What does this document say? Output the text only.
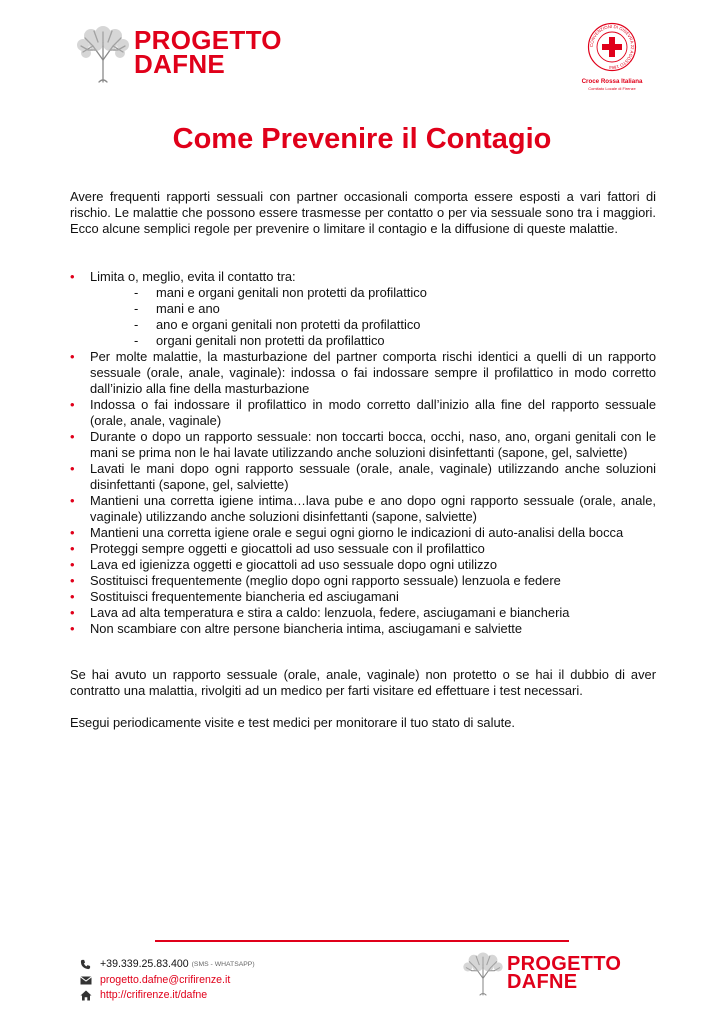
PROGETTO
DAFNE
CONVENZIONI DI GINEVRA 22 AGOSTO 1864
Croce Rossa Italiana
Comitato Locale di Firenze
Come Prevenire il Contagio

Avere frequenti rapporti sessuali con partner occasionali comporta essere esposti a vari fattori di rischio. Le malattie che possono essere trasmesse per contatto o per via sessuale sono tra i maggiori. Ecco alcune semplici regole per prevenire o limitare il contagio e la diffusione di queste malattie.

• Limita o, meglio, evita il contatto tra:
- mani e organi genitali non protetti da profilattico
- mani e ano
- ano e organi genitali non protetti da profilattico
- organi genitali non protetti da profilattico
• Per molte malattie, la masturbazione del partner comporta rischi identici a quelli di un rapporto sessuale (orale, anale, vaginale): indossa o fai indossare sempre il profilattico in modo corretto dall’inizio alla fine della masturbazione
• Indossa o fai indossare il profilattico in modo corretto dall’inizio alla fine del rapporto sessuale (orale, anale, vaginale)
• Durante o dopo un rapporto sessuale: non toccarti bocca, occhi, naso, ano, organi genitali con le mani se prima non le hai lavate utilizzando anche soluzioni disinfettanti (sapone, gel, salviette)
• Lavati le mani dopo ogni rapporto sessuale (orale, anale, vaginale) utilizzando anche soluzioni disinfettanti (sapone, gel, salviette)
• Mantieni una corretta igiene intima…lava pube e ano dopo ogni rapporto sessuale (orale, anale, vaginale) utilizzando anche soluzioni disinfettanti (sapone, salviette)
• Mantieni una corretta igiene orale e segui ogni giorno le indicazioni di auto-analisi della bocca
• Proteggi sempre oggetti e giocattoli ad uso sessuale con il profilattico
• Lava ed igienizza oggetti e giocattoli ad uso sessuale dopo ogni utilizzo
• Sostituisci frequentemente (meglio dopo ogni rapporto sessuale) lenzuola e federe
• Sostituisci frequentemente biancheria ed asciugamani
• Lava ad alta temperatura e stira a caldo: lenzuola, federe, asciugamani e biancheria
• Non scambiare con altre persone biancheria intima, asciugamani e salviette

Se hai avuto un rapporto sessuale (orale, anale, vaginale) non protetto o se hai il dubbio di aver contratto una malattia, rivolgiti ad un medico per farti visitare ed effettuare i test necessari.

Esegui periodicamente visite e test medici per monitorare il tuo stato di salute.

+39.339.25.83.400 (SMS - WHATSAPP)
progetto.dafne@crifirenze.it
http://crifirenze.it/dafne
PROGETTO
DAFNE
